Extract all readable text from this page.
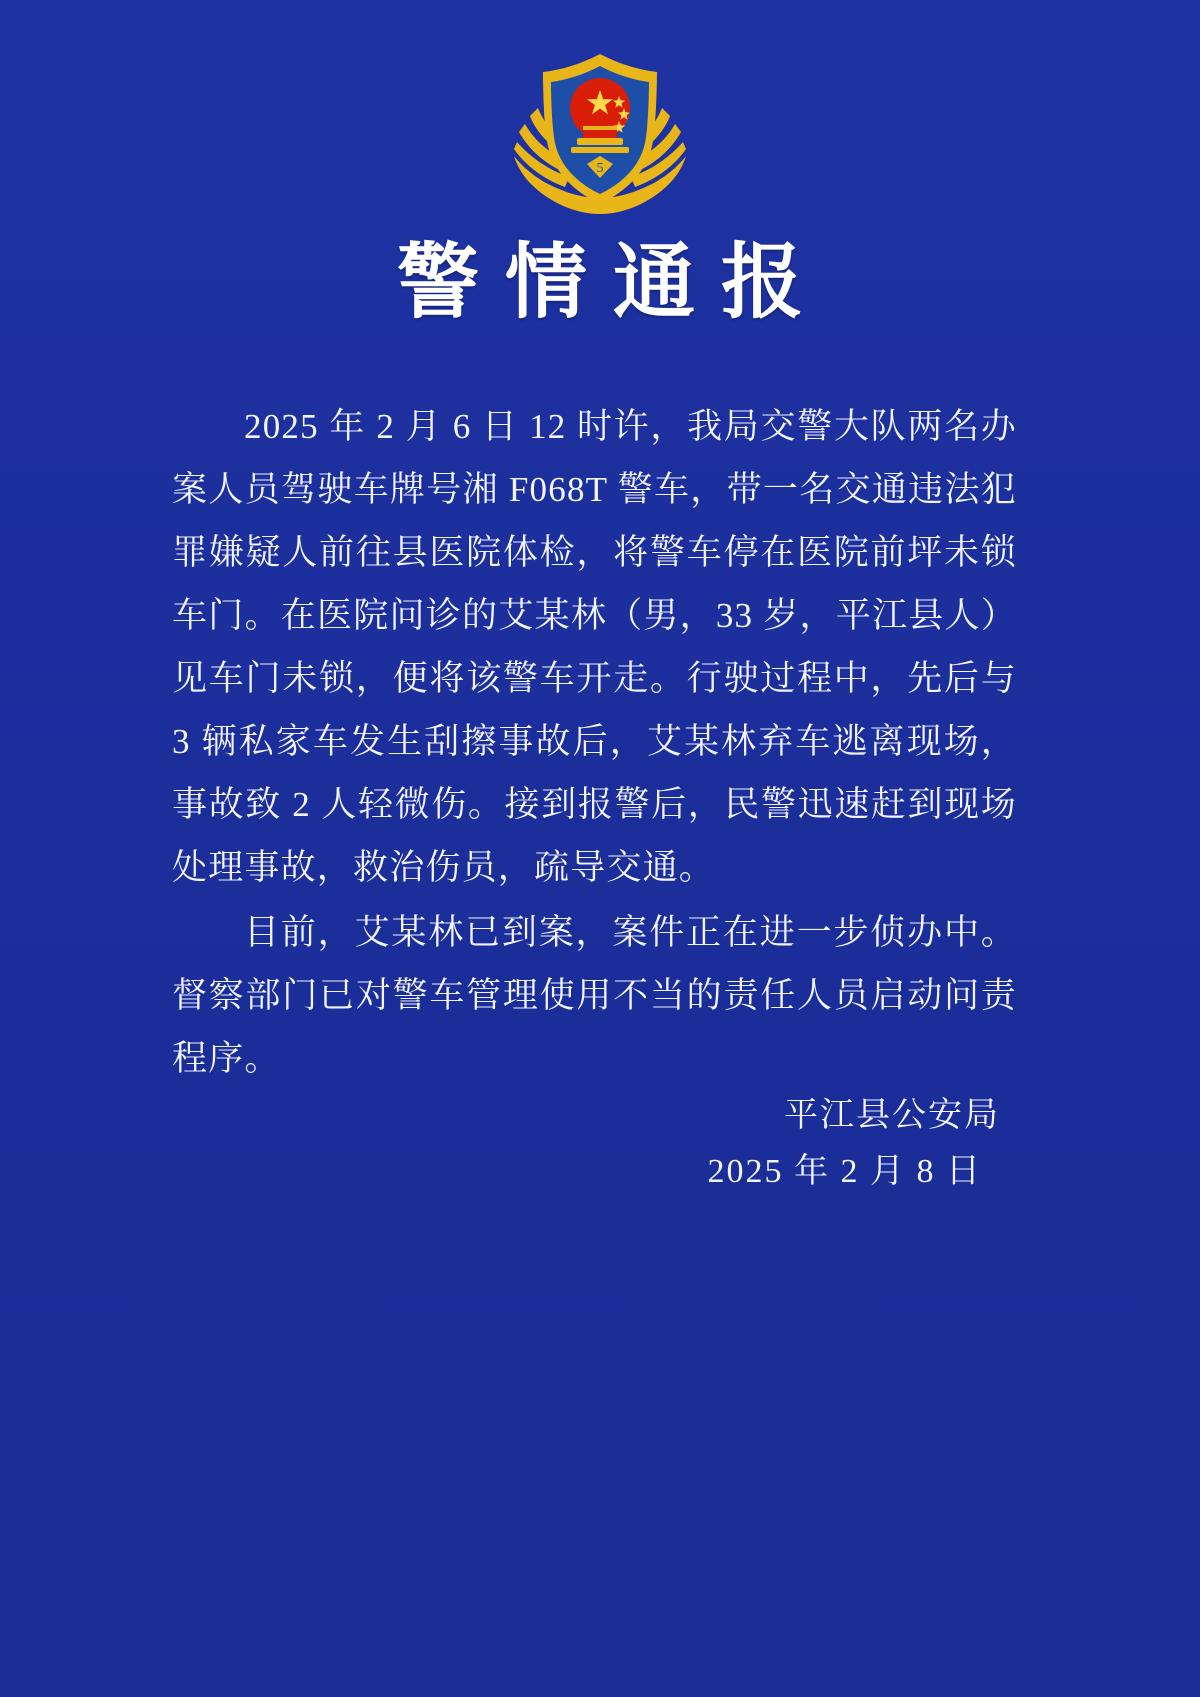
5
警情通报

2025 年 2 月 6 日 12 时许，我局交警大队两名办案人员驾驶车牌号湘 F068T 警车，带一名交通违法犯罪嫌疑人前往县医院体检，将警车停在医院前坪未锁车门。在医院问诊的艾某林（男，33 岁，平江县人）见车门未锁，便将该警车开走。行驶过程中，先后与 3 辆私家车发生刮擦事故后，艾某林弃车逃离现场，事故致 2 人轻微伤。接到报警后，民警迅速赶到现场处理事故，救治伤员，疏导交通。

目前，艾某林已到案，案件正在进一步侦办中。督察部门已对警车管理使用不当的责任人员启动问责程序。

平江县公安局
2025 年 2 月 8 日
